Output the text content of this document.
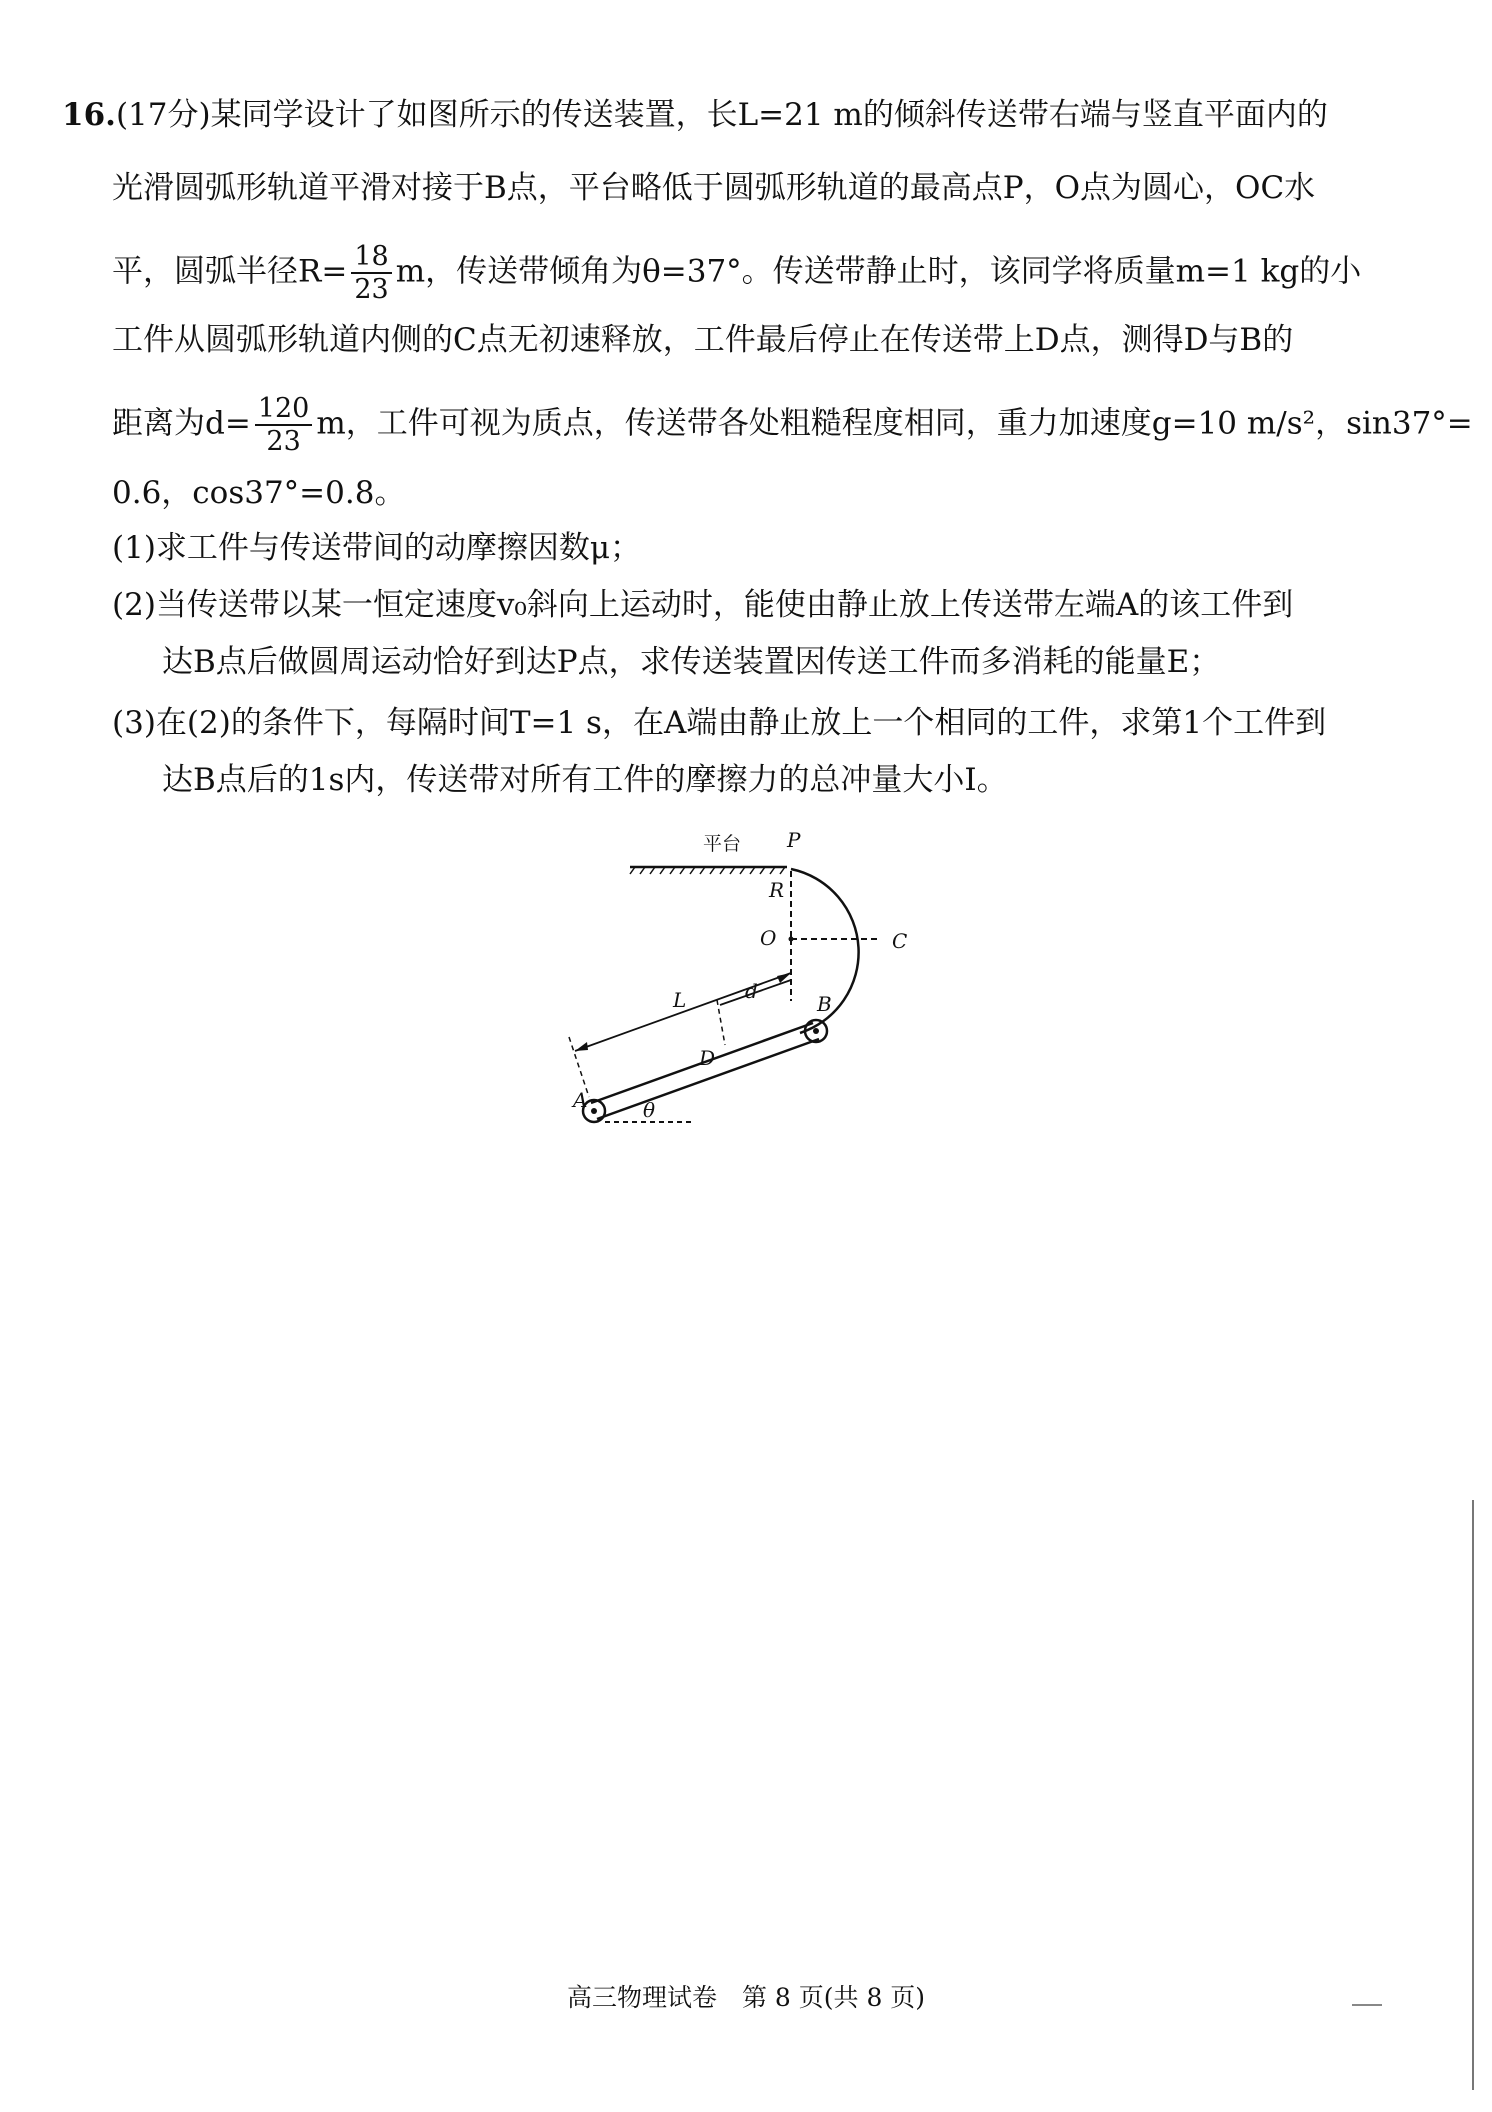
16.(17分)某同学设计了如图所示的传送装置，长L=21 m的倾斜传送带右端与竖直平面内的
光滑圆弧形轨道平滑对接于B点，平台略低于圆弧形轨道的最高点P，O点为圆心，OC水
平，圆弧半径$R= \frac{18}{23}$ m，传送带倾角为θ=37°。传送带静止时，该同学将质量m=1 kg的小
工件从圆弧形轨道内侧的C点无初速释放，工件最后停止在传送带上D点，测得D与B的
距离为$d= \frac{120}{23}$ m，工件可视为质点，传送带各处粗糙程度相同，重力加速度g=10 m/s²，sin37°=
0.6，cos37°=0.8。
(1)求工件与传送带间的动摩擦因数μ；
(2)当传送带以某一恒定速度v₀斜向上运动时，能使由静止放上传送带左端A的该工件到
达B点后做圆周运动恰好到达P点，求传送装置因传送工件而多消耗的能量E；
(3)在(2)的条件下，每隔时间T=1 s，在A端由静止放上一个相同的工件，求第1个工件到
达B点后的1s内，传送带对所有工件的摩擦力的总冲量大小I。
平台 P
R
O	C
θ
L	d
D
B
A
高三物理试卷　第 8 页(共 8 页)
